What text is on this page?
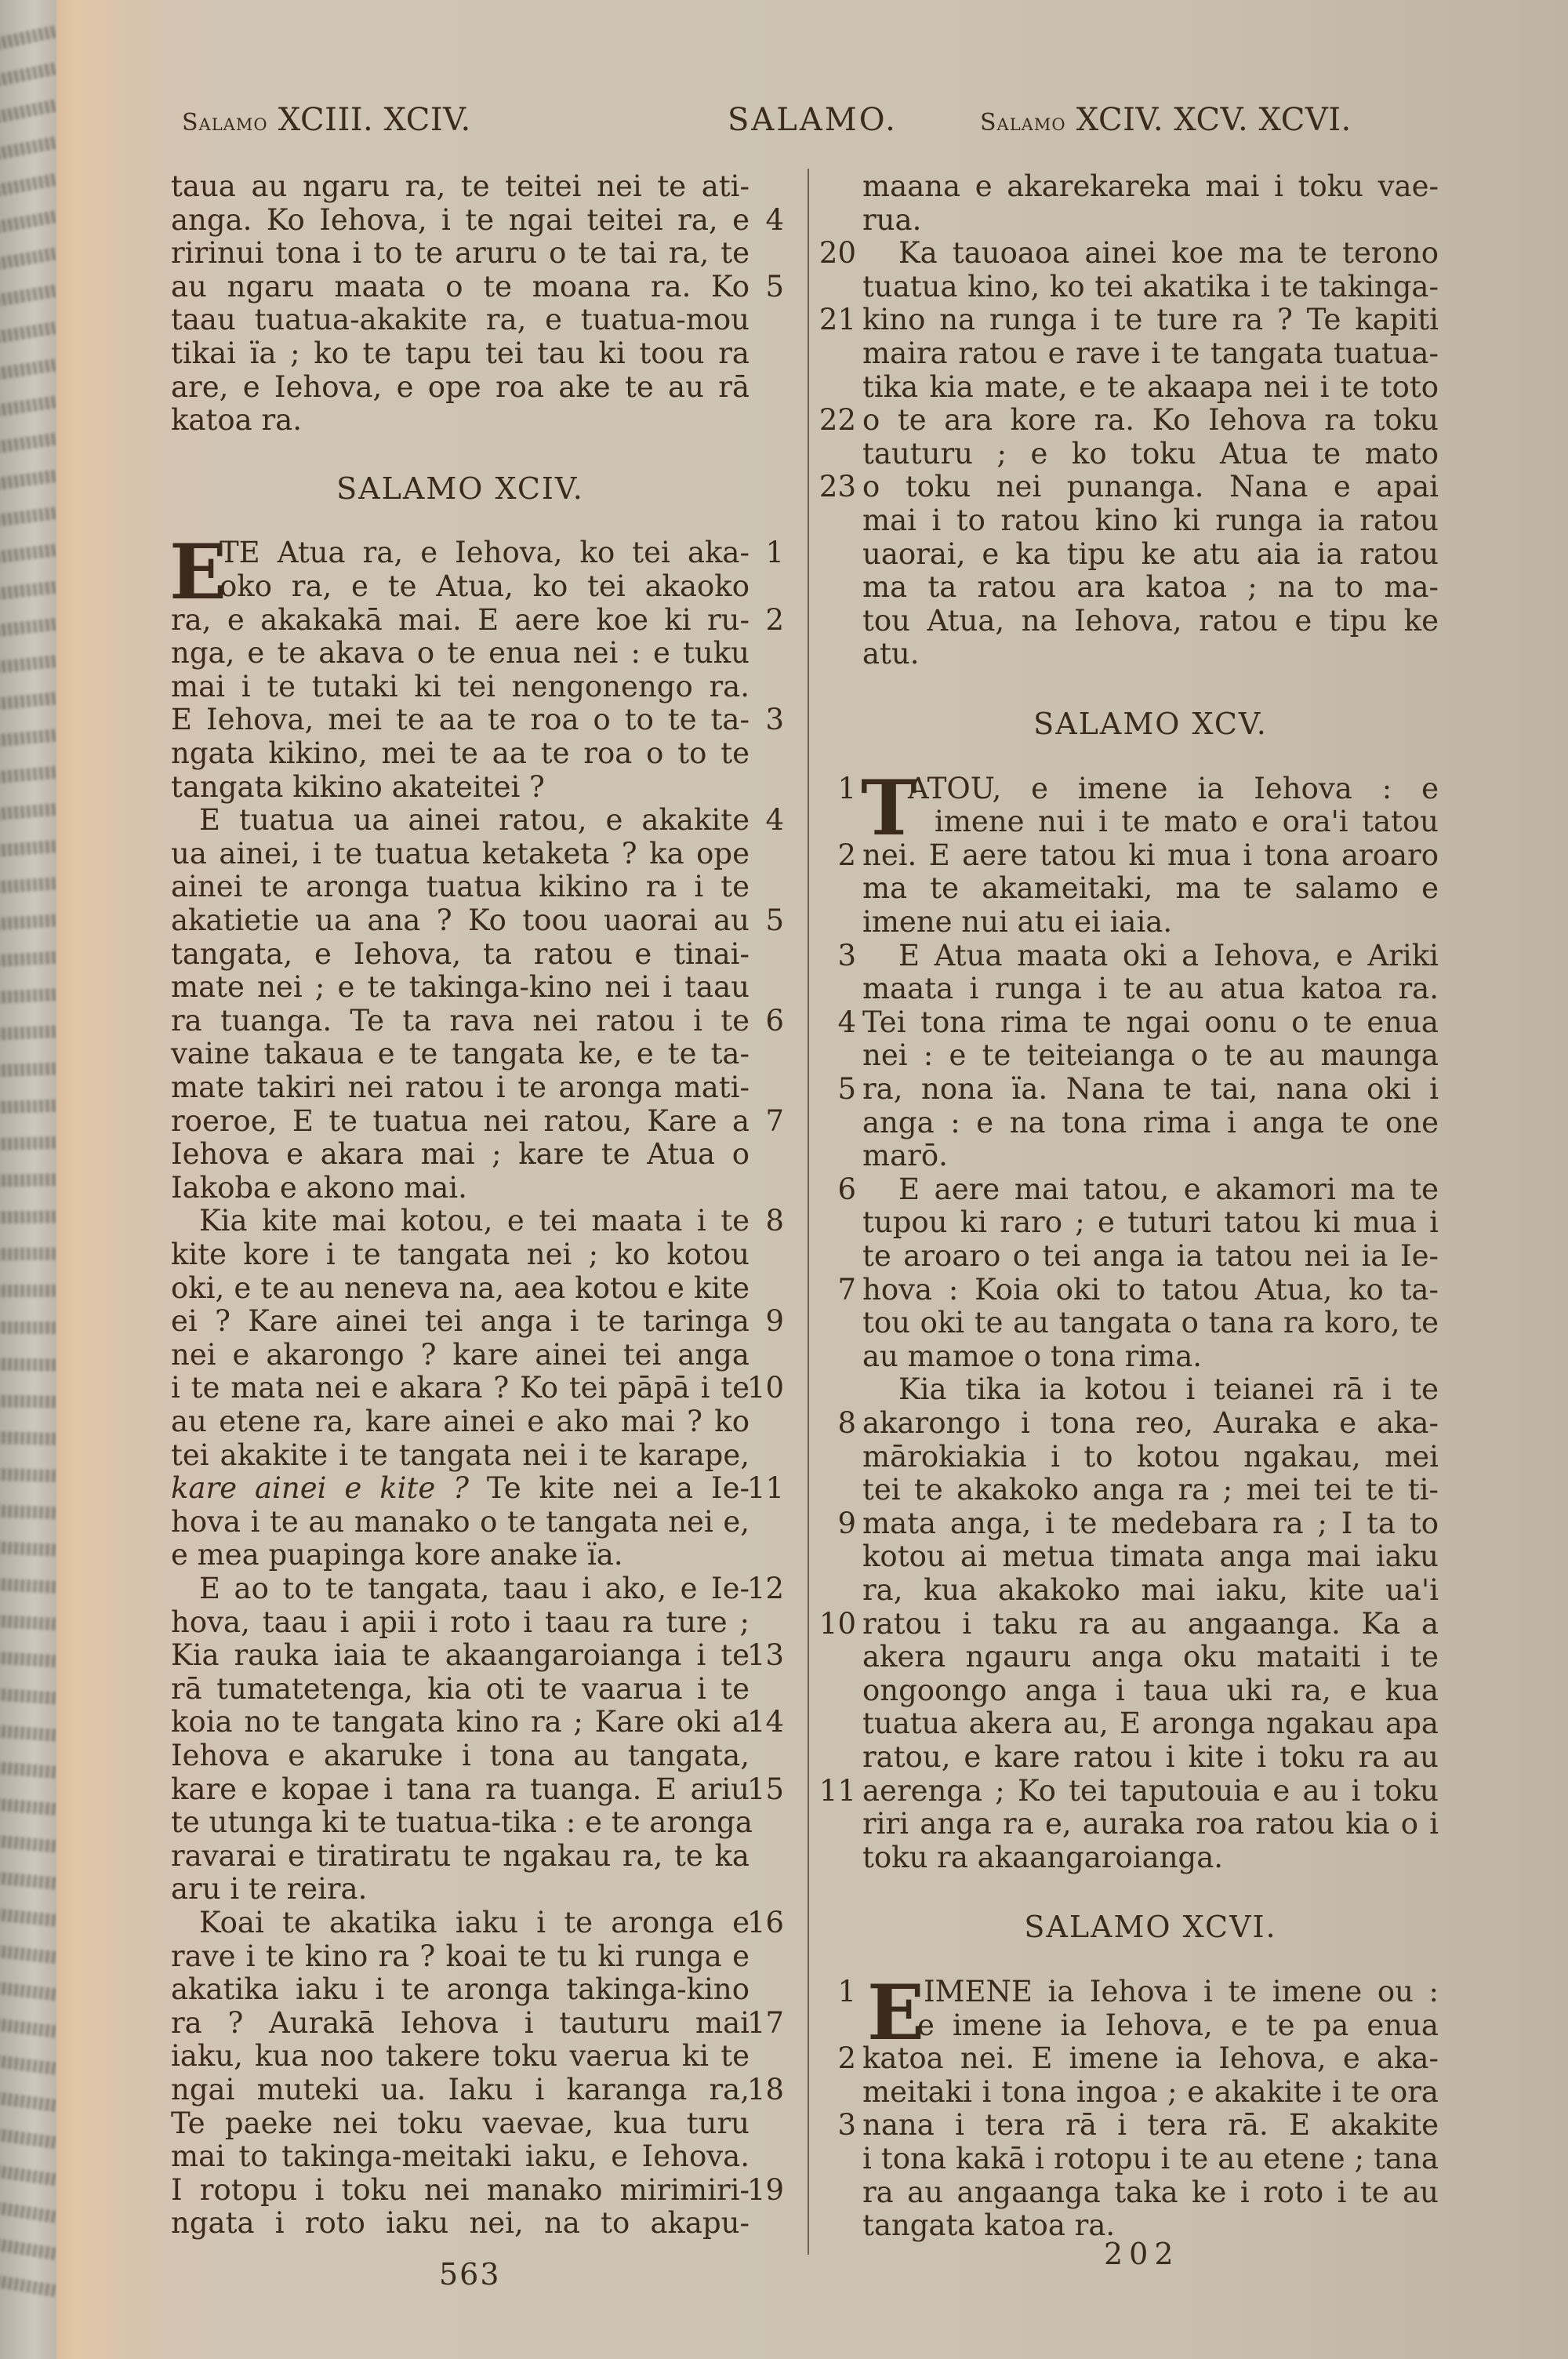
Salamo XCIII. XCIV.	SALAMO.	Salamo XCIV. XCV. XCVI.
taua au ngaru ra, te teitei nei te ati-
anga. Ko Iehova, i te ngai teitei ra, e 4
ririnui tona i to te aruru o te tai ra, te
au ngaru maata o te moana ra. Ko 5
taau tuatua-akakite ra, e tuatua-mou
tikai ïa ; ko te tapu tei tau ki toou ra
are, e Iehova, e ope roa ake te au rā
katoa ra.
SALAMO XCIV.
E
TE Atua ra, e Iehova, ko tei aka- 1
oko ra, e te Atua, ko tei akaoko
ra, e akakakā mai. E aere koe ki ru- 2
nga, e te akava o te enua nei : e tuku
mai i te tutaki ki tei nengonengo ra.
E Iehova, mei te aa te roa o to te ta- 3
ngata kikino, mei te aa te roa o to te
tangata kikino akateitei ?
E tuatua ua ainei ratou, e akakite 4
ua ainei, i te tuatua ketaketa ? ka ope
ainei te aronga tuatua kikino ra i te
akatietie ua ana ? Ko toou uaorai au 5
tangata, e Iehova, ta ratou e tinai-
mate nei ; e te takinga-kino nei i taau
ra tuanga. Te ta rava nei ratou i te 6
vaine takaua e te tangata ke, e te ta-
mate takiri nei ratou i te aronga mati-
roeroe, E te tuatua nei ratou, Kare a 7
Iehova e akara mai ; kare te Atua o
Iakoba e akono mai.
Kia kite mai kotou, e tei maata i te 8
kite kore i te tangata nei ; ko kotou
oki, e te au neneva na, aea kotou e kite
ei ? Kare ainei tei anga i te taringa 9
nei e akarongo ? kare ainei tei anga
i te mata nei e akara ? Ko tei pāpā i te
10
au etene ra, kare ainei e ako mai ? ko
tei akakite i te tangata nei i te karape,
kare ainei e kite ? Te kite nei a Ie-
11
hova i te au manako o te tangata nei e,
e mea puapinga kore anake ïa.
E ao to te tangata, taau i ako, e Ie-
12
hova, taau i apii i roto i taau ra ture ;
Kia rauka iaia te akaangaroianga i te
13
rā tumatetenga, kia oti te vaarua i te
koia no te tangata kino ra ; Kare oki a
14
Iehova e akaruke i tona au tangata,
kare e kopae i tana ra tuanga. E ariu
15
te utunga ki te tuatua-tika : e te aronga
ravarai e tiratiratu te ngakau ra, te ka
aru i te reira.
Koai te akatika iaku i te aronga e
16
rave i te kino ra ? koai te tu ki runga e
akatika iaku i te aronga takinga-kino
ra ? Aurakā Iehova i tauturu mai
17
iaku, kua noo takere toku vaerua ki te
ngai muteki ua. Iaku i karanga ra,
18
Te paeke nei toku vaevae, kua turu
mai to takinga-meitaki iaku, e Iehova.
I rotopu i toku nei manako mirimiri-
19
ngata i roto iaku nei, na to akapu-
maana e akarekareka mai i toku vae-
rua.
Ka tauoaoa ainei koe ma te terono
20
tuatua kino, ko tei akatika i te takinga-
kino na runga i te ture ra ? Te kapiti
21
maira ratou e rave i te tangata tuatua-
tika kia mate, e te akaapa nei i te toto
o te ara kore ra. Ko Iehova ra toku
22
tauturu ; e ko toku Atua te mato
o toku nei punanga. Nana e apai
23
mai i to ratou kino ki runga ia ratou
uaorai, e ka tipu ke atu aia ia ratou
ma ta ratou ara katoa ; na to ma-
tou Atua, na Iehova, ratou e tipu ke
atu.
SALAMO XCV.
T
ATOU, e imene ia Iehova : e
1
imene nui i te mato e ora'i tatou
nei. E aere tatou ki mua i tona aroaro
2
ma te akameitaki, ma te salamo e
imene nui atu ei iaia.
E Atua maata oki a Iehova, e Ariki
3
maata i runga i te au atua katoa ra.
Tei tona rima te ngai oonu o te enua
4
nei : e te teiteianga o te au maunga
ra, nona ïa. Nana te tai, nana oki i
5
anga : e na tona rima i anga te one
marō.
E aere mai tatou, e akamori ma te
6
tupou ki raro ; e tuturi tatou ki mua i
te aroaro o tei anga ia tatou nei ia Ie-
hova : Koia oki to tatou Atua, ko ta-
7
tou oki te au tangata o tana ra koro, te
au mamoe o tona rima.
Kia tika ia kotou i teianei rā i te
akarongo i tona reo, Auraka e aka-
8
mārokiakia i to kotou ngakau, mei
tei te akakoko anga ra ; mei tei te ti-
mata anga, i te medebara ra ; I ta to
9
kotou ai metua timata anga mai iaku
ra, kua akakoko mai iaku, kite ua'i
ratou i taku ra au angaanga. Ka a
10
akera ngauru anga oku mataiti i te
ongoongo anga i taua uki ra, e kua
tuatua akera au, E aronga ngakau apa
ratou, e kare ratou i kite i toku ra au
aerenga ; Ko tei taputouia e au i toku
11
riri anga ra e, auraka roa ratou kia o i
toku ra akaangaroianga.
SALAMO XCVI.
E
IMENE ia Iehova i te imene ou :
1
e imene ia Iehova, e te pa enua
katoa nei. E imene ia Iehova, e aka-
2
meitaki i tona ingoa ; e akakite i te ora
nana i tera rā i tera rā. E akakite
3
i tona kakā i rotopu i te au etene ; tana
ra au angaanga taka ke i roto i te au
tangata katoa ra.
563
202
